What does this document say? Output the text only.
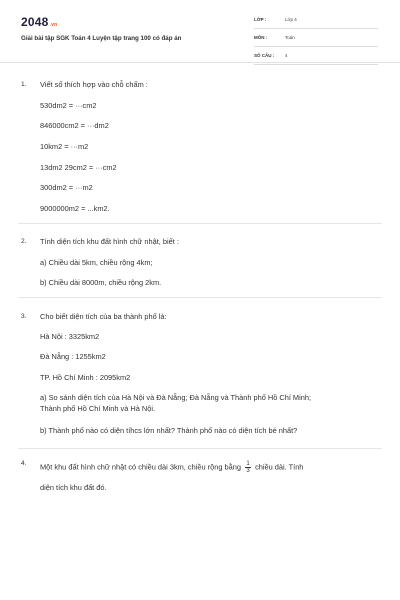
2048.vn
Giải bài tập SGK Toán 4 Luyện tập trang 100 có đáp án
LỚP :	Lớp 4
MÔN :	Toán
SỐ CÂU : 4
1. Viết số thích hợp vào chỗ chấm :
530dm2 = ···cm2
846000cm2 = ···dm2
10km2 = ···m2
13dm2 29cm2 = ···cm2
300dm2 = ···m2
9000000m2 = ...km2.
2. Tính diện tích khu đất hình chữ nhật, biết :
a) Chiều dài 5km, chiều rộng 4km;
b) Chiều dài 8000m, chiều rộng 2km.
3. Cho biết diện tích của ba thành phố là:
Hà Nội : 3325km2
Đà Nẵng : 1255km2
TP. Hồ Chí Minh : 2095km2
a) So sánh diện tích của Hà Nội và Đà Nẵng; Đà Nẵng và Thành phố Hồ Chí Minh;
Thành phố Hồ Chí Minh và Hà Nội.
b) Thành phố nào có diện tíhcs lớn nhất? Thành phố nào có diện tích bé nhất?
4. Một khu đất hình chữ nhật có chiều dài 3km, chiều rộng bằng $\frac{1}{3}$ chiều dài. Tính
diện tích khu đất đó.
